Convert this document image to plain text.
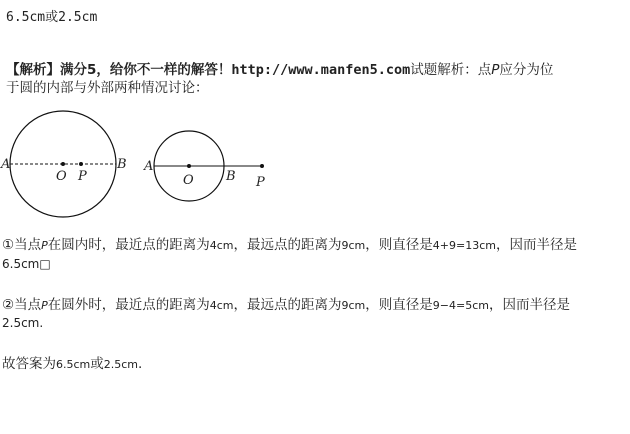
6.5cm或2.5cm
【解析】满分5，给你不一样的解答！http://www.manfen5.com试题解析：点P应分为位
于圆的内部与外部两种情况讨论：
A
O P
B A
O B P
①当点P在圆内时，最近点的距离为4cm，最远点的距离为9cm，则直径是4+9=13cm，因而半径是
6.5cm□
②当点P在圆外时，最近点的距离为4cm，最远点的距离为9cm，则直径是9−4=5cm，因而半径是
2.5cm.
故答案为6.5cm或2.5cm.
